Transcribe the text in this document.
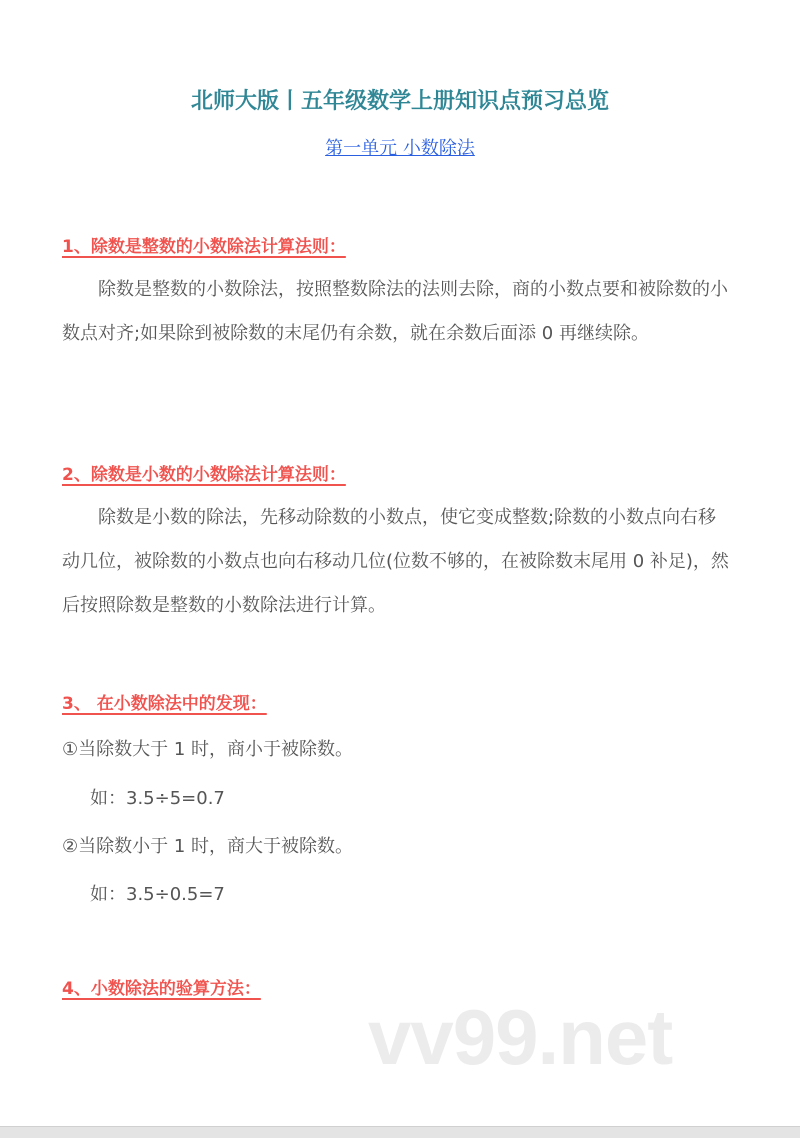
北师大版丨五年级数学上册知识点预习总览
第一单元 小数除法
1、除数是整数的小数除法计算法则：
除数是整数的小数除法，按照整数除法的法则去除，商的小数点要和被除数的小数点对齐;如果除到被除数的末尾仍有余数，就在余数后面添 0 再继续除。
2、除数是小数的小数除法计算法则：
除数是小数的除法，先移动除数的小数点，使它变成整数;除数的小数点向右移动几位，被除数的小数点也向右移动几位(位数不够的，在被除数末尾用 0 补足)，然后按照除数是整数的小数除法进行计算。
3、 在小数除法中的发现：
①当除数大于 1 时，商小于被除数。
如：3.5÷5=0.7
②当除数小于 1 时，商大于被除数。
如：3.5÷0.5=7
4、小数除法的验算方法：
vv99.net
